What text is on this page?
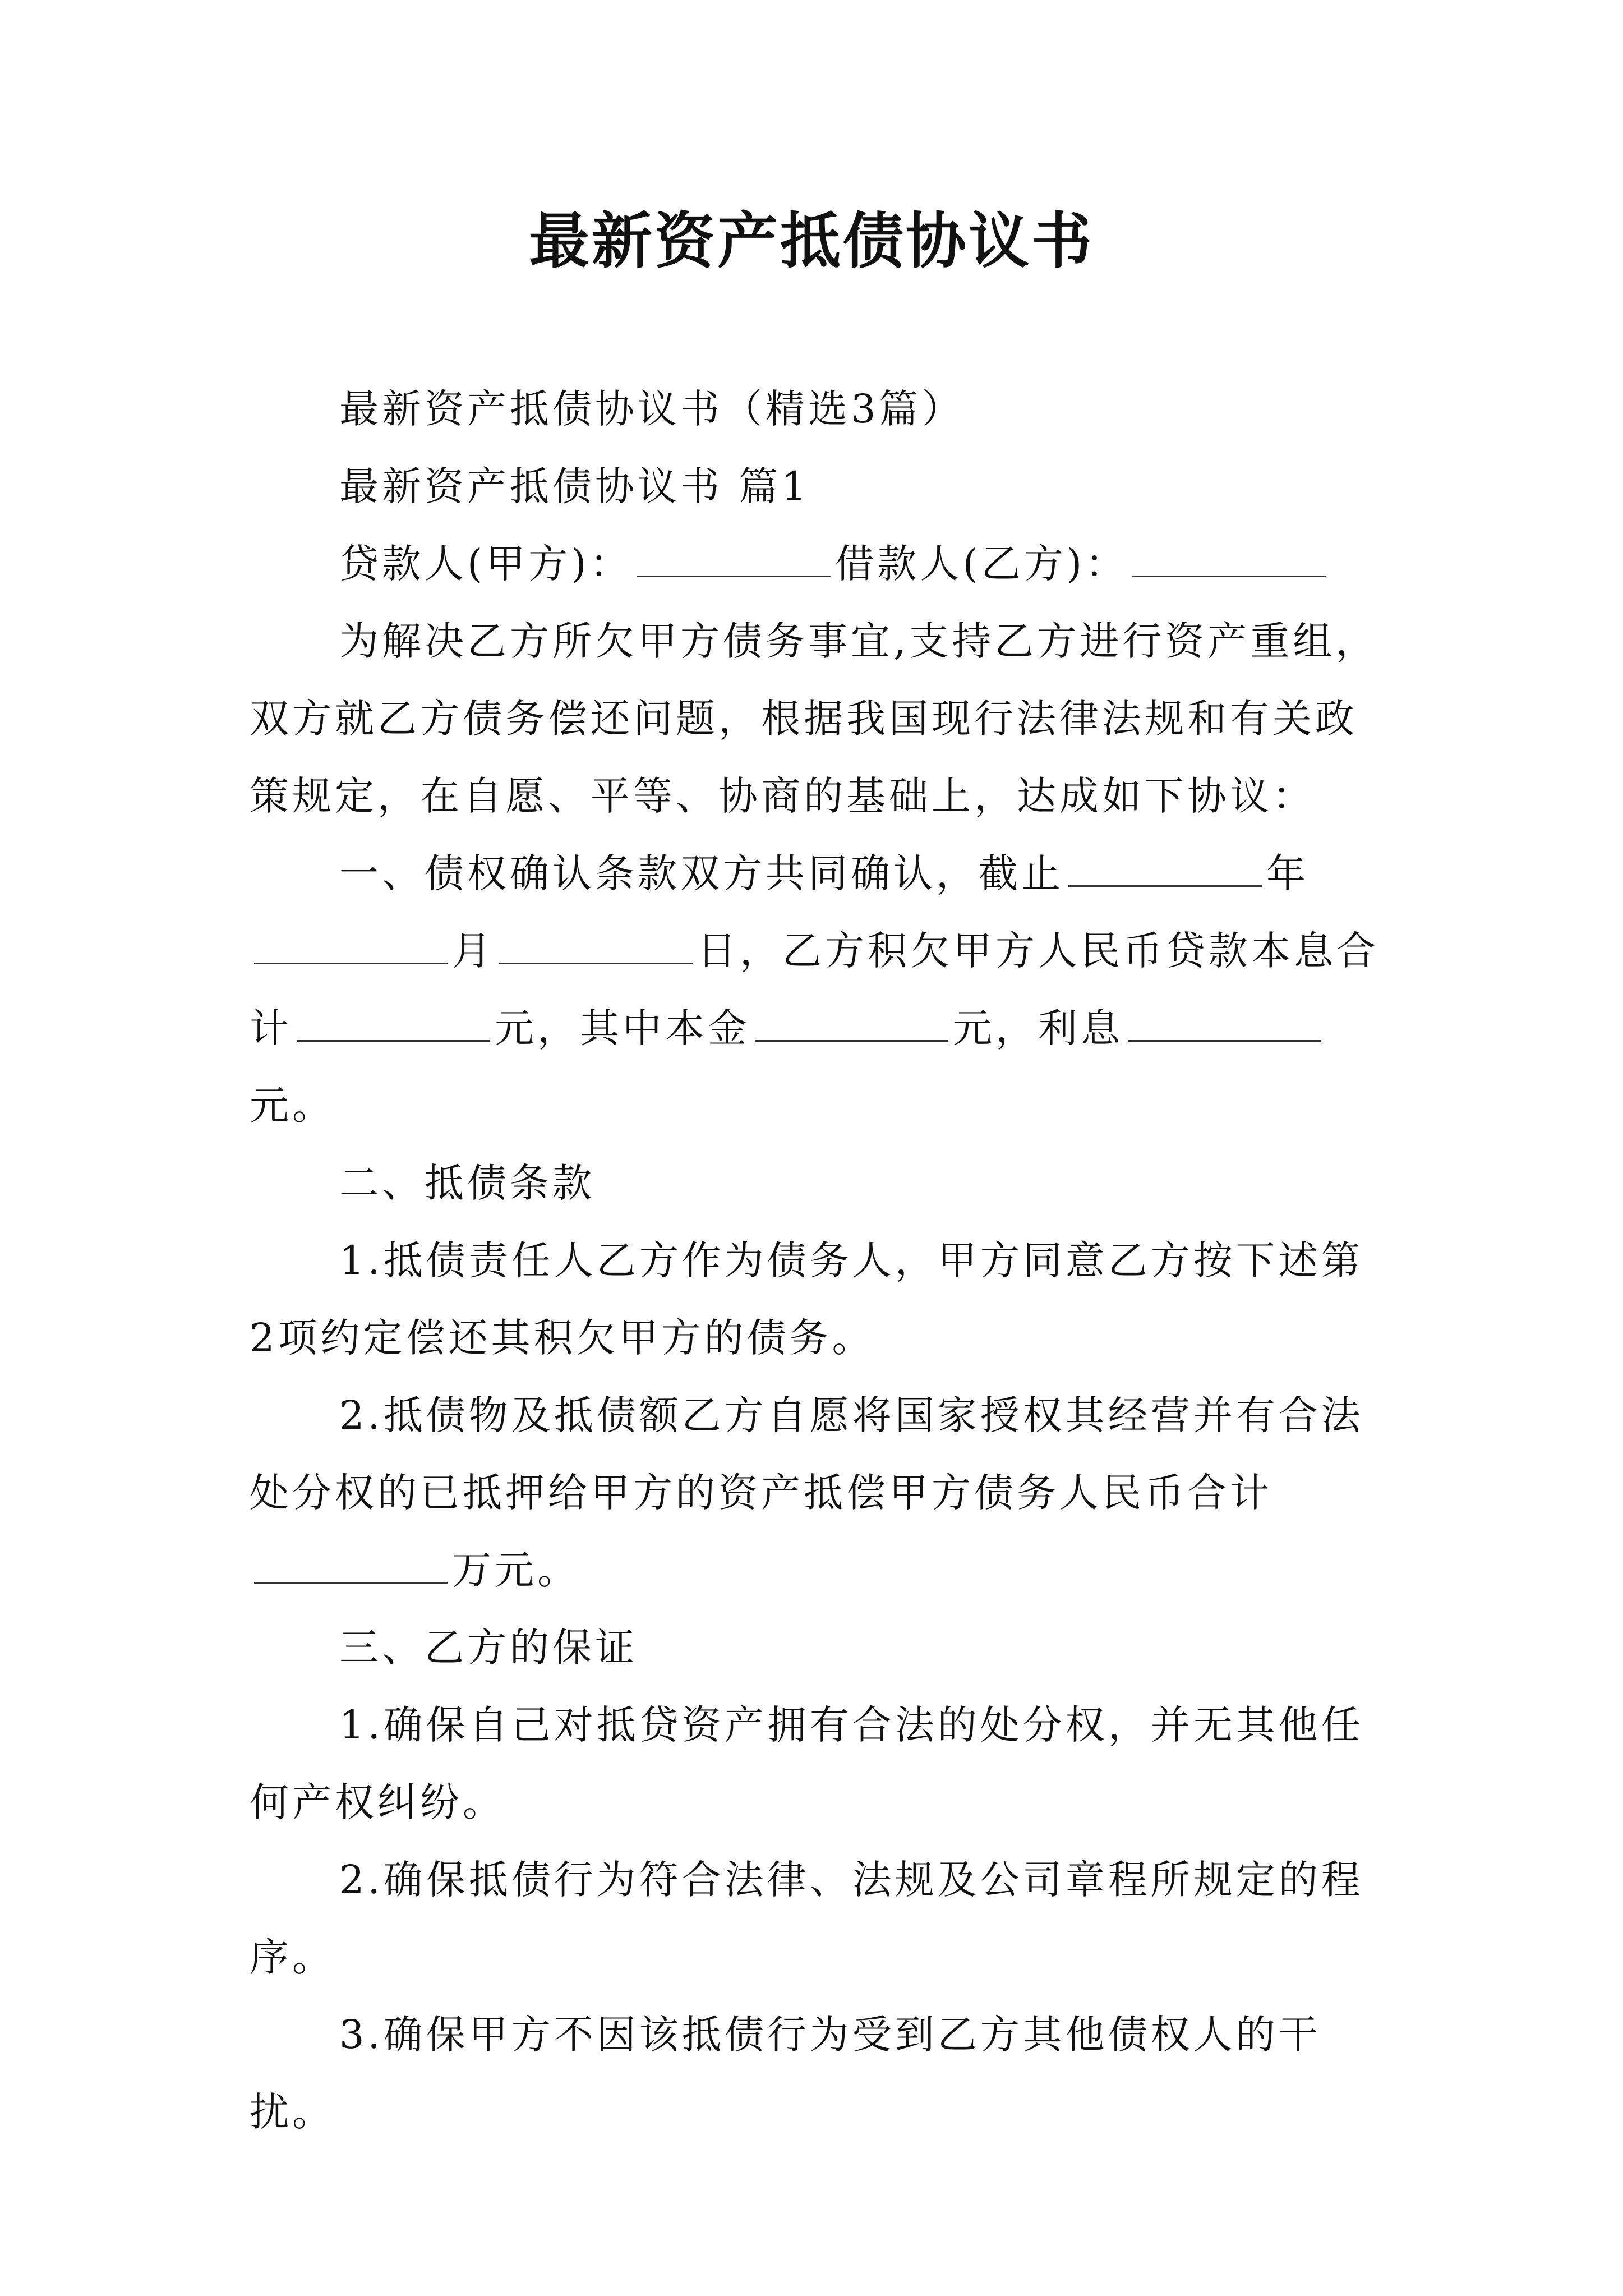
最新资产抵债协议书

最新资产抵债协议书（精选3篇）

最新资产抵债协议书 篇1

贷款人(甲方)：	借款人(乙方)：

为解决乙方所欠甲方债务事宜,支持乙方进行资产重组，双方就乙方债务偿还问题，根据我国现行法律法规和有关政策规定，在自愿、平等、协商的基础上，达成如下协议：

一、债权确认条款双方共同确认，截止	年月	日，乙方积欠甲方人民币贷款本息合计	元，其中本金	元，利息元。

二、抵债条款

1.抵债责任人乙方作为债务人，甲方同意乙方按下述第2项约定偿还其积欠甲方的债务。

2.抵债物及抵债额乙方自愿将国家授权其经营并有合法处分权的已抵押给甲方的资产抵偿甲方债务人民币合计万元。

三、乙方的保证

1.确保自己对抵贷资产拥有合法的处分权，并无其他任何产权纠纷。

2.确保抵债行为符合法律、法规及公司章程所规定的程序。

3.确保甲方不因该抵债行为受到乙方其他债权人的干扰。
